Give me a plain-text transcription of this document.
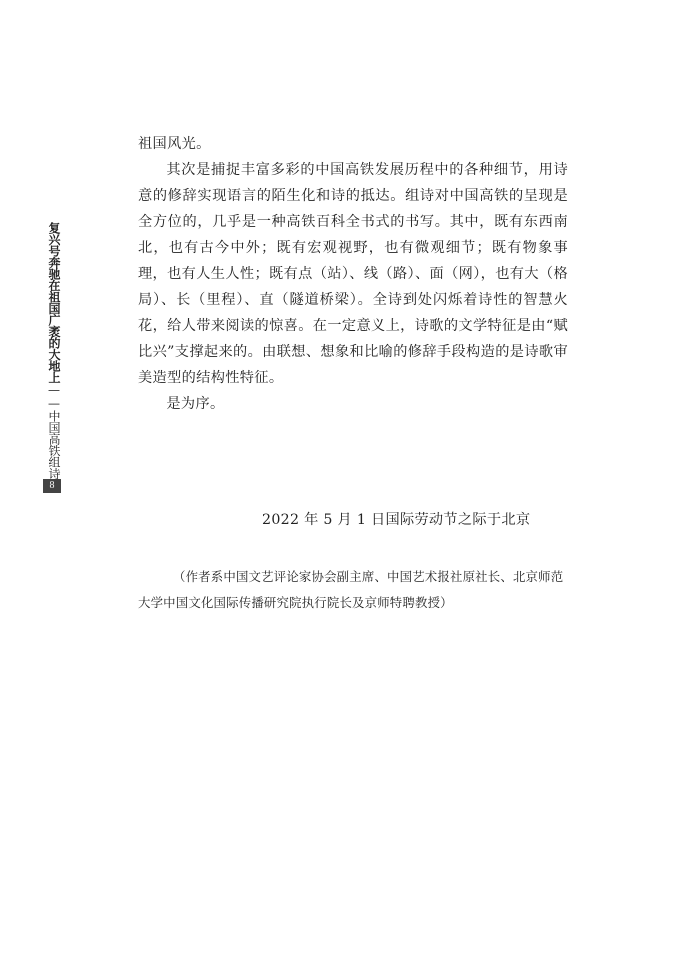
复兴号奔驰在祖国广袤的大地上——中国高铁组诗
8

祖国风光。

其次是捕捉丰富多彩的中国高铁发展历程中的各种细节，用诗意的修辞实现语言的陌生化和诗的抵达。组诗对中国高铁的呈现是全方位的，几乎是一种高铁百科全书式的书写。其中，既有东西南北，也有古今中外；既有宏观视野，也有微观细节；既有物象事理，也有人生人性；既有点（站）、线（路）、面（网），也有大（格局）、长（里程）、直（隧道桥梁）。全诗到处闪烁着诗性的智慧火花，给人带来阅读的惊喜。在一定意义上，诗歌的文学特征是由“赋比兴”支撑起来的。由联想、想象和比喻的修辞手段构造的是诗歌审美造型的结构性特征。

是为序。

2022 年 5 月 1 日国际劳动节之际于北京

（作者系中国文艺评论家协会副主席、中国艺术报社原社长、北京师范

大学中国文化国际传播研究院执行院长及京师特聘教授）
